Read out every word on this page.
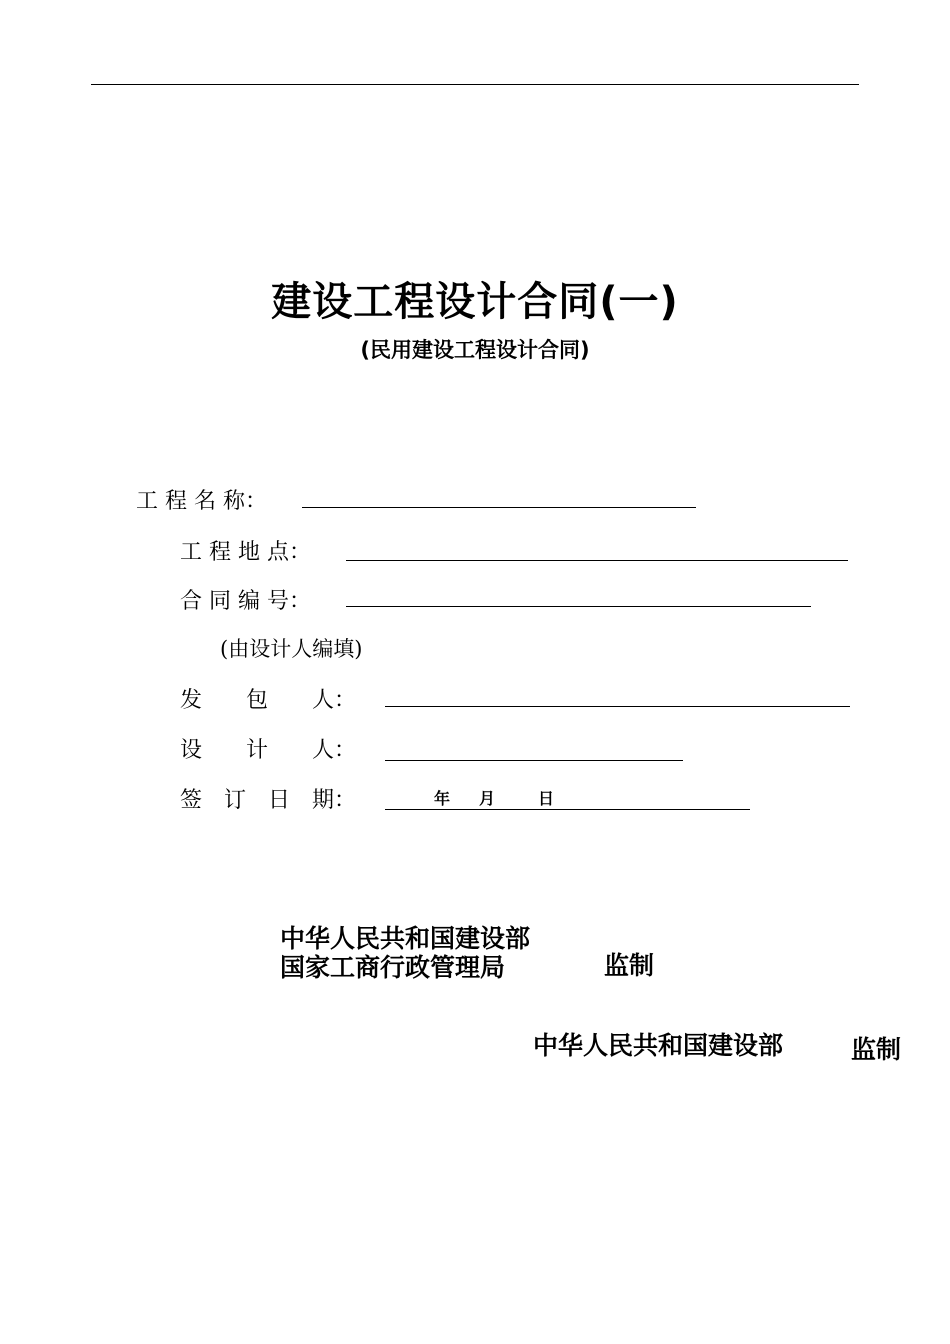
建设工程设计合同(一)
(民用建设工程设计合同)
工 程 名 称：
工 程 地 点：
合 同 编 号：
(由设计人编填)
发　　包　　人：
设　　计　　人：
签　订　日　期：	年 月	日
中华人民共和国建设部
国家工商行政管理局	监制
中华人民共和国建设部	监制
